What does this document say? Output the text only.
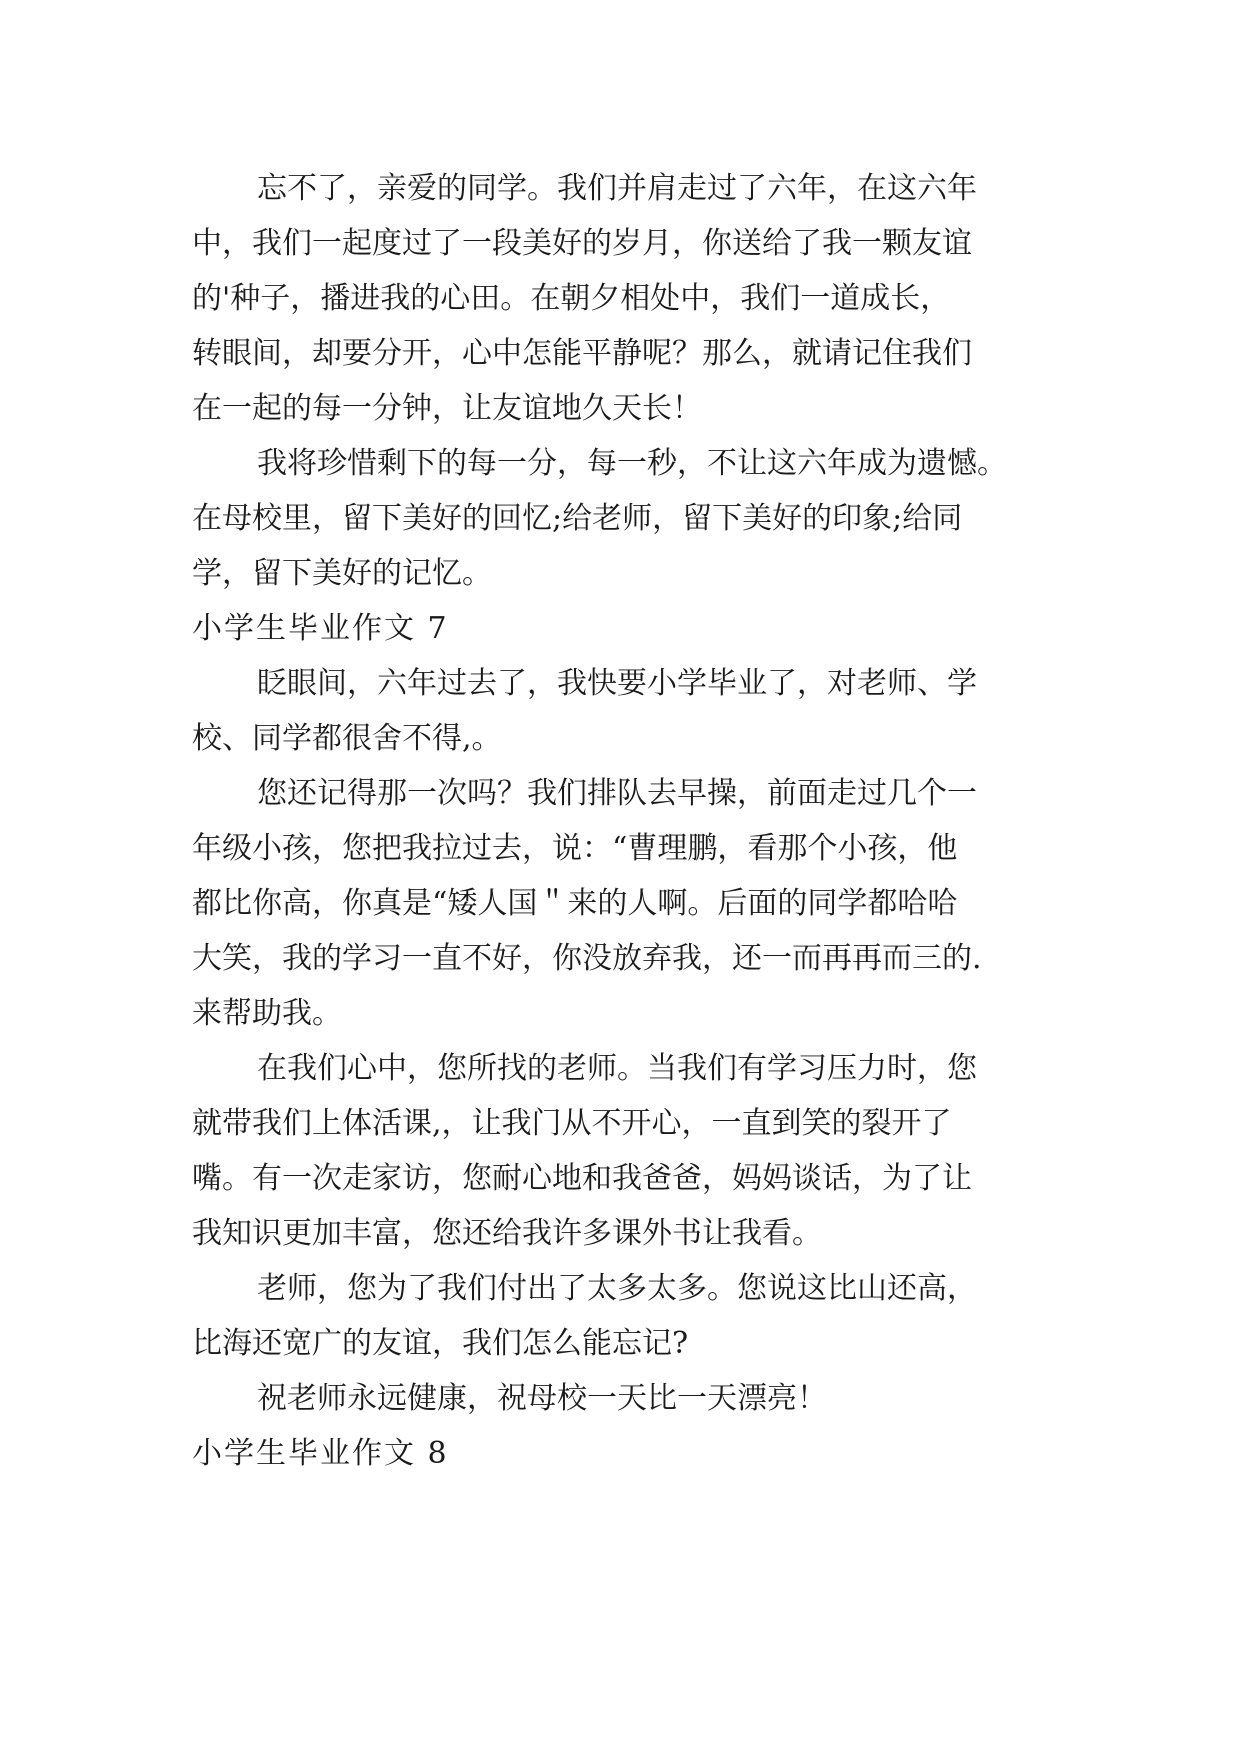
忘不了，亲爱的同学。我们并肩走过了六年，在这六年
中，我们一起度过了一段美好的岁月，你送给了我一颗友谊
的'种子，播进我的心田。在朝夕相处中，我们一道成长，
转眼间，却要分开，心中怎能平静呢？那么，就请记住我们
在一起的每一分钟，让友谊地久天长！
我将珍惜剩下的每一分，每一秒，不让这六年成为遗憾。
在母校里，留下美好的回忆;给老师，留下美好的印象;给同
学，留下美好的记忆。
小学生毕业作文 7
眨眼间，六年过去了，我快要小学毕业了，对老师、学
校、同学都很舍不得,。
您还记得那一次吗？我们排队去早操，前面走过几个一
年级小孩，您把我拉过去，说：“曹理鹏，看那个小孩，他
都比你高，你真是“矮人国＂来的人啊。后面的同学都哈哈
大笑，我的学习一直不好，你没放弃我，还一而再再而三的.
来帮助我。
在我们心中，您所找的老师。当我们有学习压力时，您
就带我们上体活课,，让我门从不开心，一直到笑的裂开了
嘴。有一次走家访，您耐心地和我爸爸，妈妈谈话，为了让
我知识更加丰富，您还给我许多课外书让我看。
老师，您为了我们付出了太多太多。您说这比山还高，
比海还宽广的友谊，我们怎么能忘记?
祝老师永远健康，祝母校一天比一天漂亮！
小学生毕业作文 8
